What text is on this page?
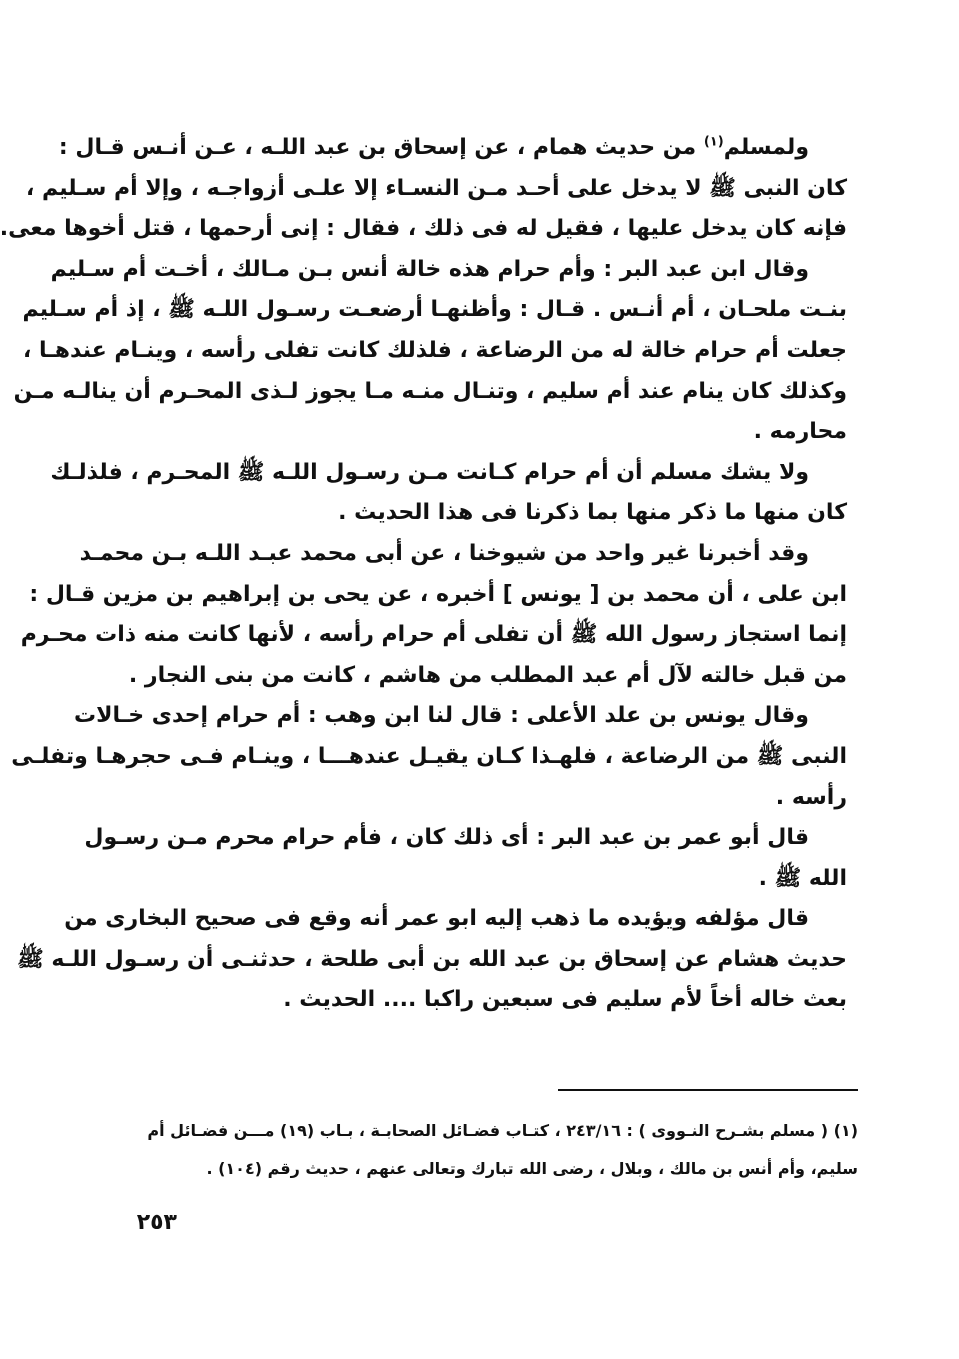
ولمسلم$^{(١)}$ من حديث همام ، عن إسحاق بن عبد اللـه ، عـن أنـس قـال :
كان النبى ﷺ لا يدخل على أحـد مـن النسـاء إلا علـى أزواجـه ، وإلا أم سـليم ،
فإنه كان يدخل عليها ، فقيل له فى ذلك ، فقال : إنى أرحمها ، قتل أخوها معى.
وقال ابن عبد البر : وأم حرام هذه خالة أنس بـن مـالك ، أخـت أم سـليم
بنـت ملحـان ، أم أنـس . قـال : وأظنهـا أرضعـت رسـول اللـه ﷺ ، إذ أم سـليم
جعلت أم حرام خالة له من الرضاعة ، فلذلك كانت تفلى رأسه ، وينـام عندهـا ،
وكذلك كان ينام عند أم سليم ، وتنـال منـه مـا يجوز لـذى المحـرم أن ينالـه مـن
محارمه .
ولا يشك مسلم أن أم حرام كـانت مـن رسـول اللـه ﷺ المحـرم ، فلذلـك
كان منها ما ذكر منها بما ذكرنا فى هذا الحديث .
وقد أخبرنا غير واحد من شيوخنا ، عن أبى محمد عبـد اللـه بـن محمـد
ابن على ، أن محمد بن [ يونس ] أخبره ، عن يحى بن إبراهيم بن مزين قـال :
إنما استجاز رسول الله ﷺ أن تفلى أم حرام رأسه ، لأنها كانت منه ذات محـرم
من قبل خالته لآل أم عبد المطلب من هاشم ، كانت من بنى النجار .
وقال يونس بن علد الأعلى : قال لنا ابن وهب : أم حرام إحدى خـالات
النبى ﷺ من الرضاعة ، فلهـذا كـان يقيـل عندهـــا ، وينـام فـى حجرهـا وتفلـى
رأسه .
قال أبو عمر بن عبد البر : أى ذلك كان ، فأم حرام محرم مـن رسـول
الله ﷺ .
قال مؤلفه ويؤيده ما ذهب إليه ابو عمر أنه وقع فى صحيح البخارى من
حديث هشام عن إسحاق بن عبد الله بن أبى طلحة ، حدثنـى أن رسـول اللـه ﷺ
بعث خاله أخاً لأم سليم فى سبعين راكبا .... الحديث .
(١) ( مسلم بشـرح النـووى ) : ٢٤٣/١٦ ، كتـاب فضـائل الصحابـة ، بـاب (١٩) مـــن فضـائل أم
سليم، وأم أنس بن مالك ، وبلال ، رضى الله تبارك وتعالى عنهم ، حديث رقم (١٠٤) .
٢٥٣
